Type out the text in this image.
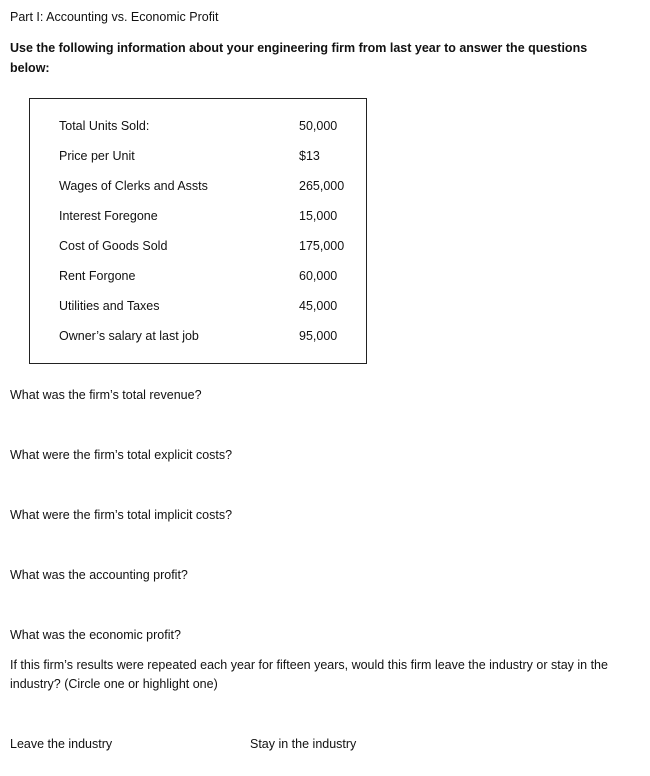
Part I: Accounting vs. Economic Profit
Use the following information about your engineering firm from last year to answer the questions below:
Total Units Sold:	50,000
Price per Unit	$13
Wages of Clerks and Assts	265,000
Interest Foregone	15,000
Cost of Goods Sold	175,000
Rent Forgone	60,000
Utilities and Taxes	45,000
Owner’s salary at last job	95,000
What was the firm’s total revenue?
What were the firm’s total explicit costs?
What were the firm’s total implicit costs?
What was the accounting profit?
What was the economic profit?
If this firm’s results were repeated each year for fifteen years, would this firm leave the industry or stay in the industry? (Circle one or highlight one)
Leave the industry	Stay in the industry
